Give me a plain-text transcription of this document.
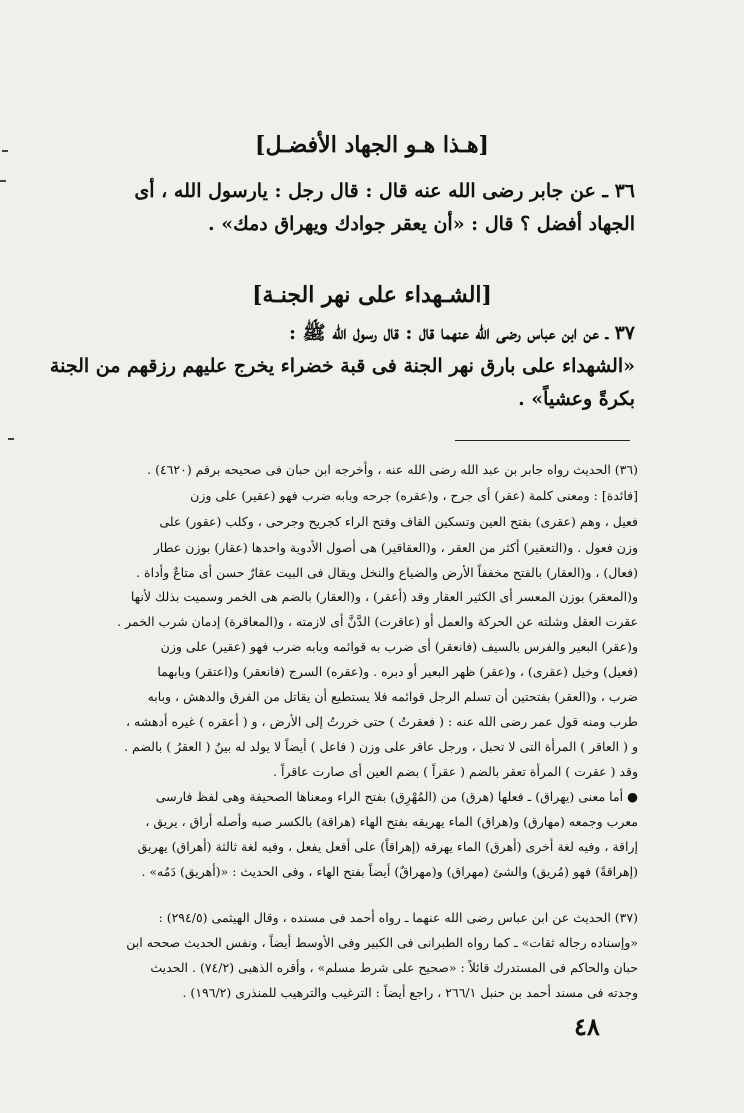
[هـذا هـو الجهاد الأفضـل]
٣٦ ـ عن جابر رضى الله عنه قال : قال رجل : يارسول الله ، أى
الجهاد أفضل ؟ قال : «أن يعقر جوادك ويهراق دمك» .
[الشـهداء على نهر الجنـة]
٣٧ ـ عن ابن عباس رضى الله عنهما قال : قال رسول الله ﷺ :
«الشهداء على بارق نهر الجنة فى قبة خضراء يخرج عليهم رزقهم من الجنة
بكرةً وعشياً» .
(٣٦) الحديث رواه جابر بن عبد الله رضى الله عنه ، وأخرجه ابن حبان فى صحيحه برقم (٤٦٢٠) .
[فائدة] : ومعنى كلمة (عقر) أى جرح ، و(عقره) جرحه وبابه ضرب فهو (عقير) على وزن
فعيل ، وهم (عقرى) بفتح العين وتسكين القاف وفتح الراء كجريح وجرحى ، وكلب (عقور) على
وزن فعول . و(التعقير) أكثر من العقر ، و(العقاقير) هى أصول الأدوية واحدها (عقار) بوزن عطار
(فعال) ، و(العقار) بالفتح مخففاً الأرض والضياع والنخل ويقال فى البيت عقارٌ حسن أى متاعٌ وأداة .
و(المعقر) بوزن المعسر أى الكثير العقار وقد (أعقر) ، و(العقار) بالضم هى الخمر وسميت بذلك لأنها
عقرت العقل وشلته عن الحركة والعمل أو (عاقرت) الدَّنَّ أى لازمته ، و(المعاقرة) إدمان شرب الخمر .
و(عقر) البعير والفرس بالسيف (فانعقر) أى ضرب به قوائمه وبابه ضرب فهو (عقير) على وزن
(فعيل) وخيل (عقرى) ، و(عقر) ظهر البعير أو دبره . و(عقره) السرج (فانعقر) و(اعتقر) وبابهما
ضرب ، و(العقر) بفتحتين أن تسلم الرجل قوائمه فلا يستطيع أن يقاتل من الفرق والدهش ، وبابه
طرب ومنه قول عمر رضى الله عنه : ( فعقرتُ ) حتى خررتُ إلى الأرض ، و ( أعقره ) غيره أدهشه ،
و ( العاقر ) المرأة التى لا تحبل ، ورجل عاقر على وزن ( فاعل ) أيضاً لا يولد له بينُ ( العقرُ ) بالضم .
وقد ( عقرت ) المرأة تعقر بالضم ( عقراً ) بضم العين أى صارت عاقراً .
● أما معنى (يهراق) ـ فعلها (هرق) من (المُهْرِق) بفتح الراء ومعناها الصحيفة وهى لفظ فارسى
معرب وجمعه (مهارق) و(هراق) الماء يهريقه بفتح الهاء (هراقة) بالكسر صبه وأصله أراق ، يريق ،
إراقة ، وفيه لغة أخرى (أهرق) الماء يهرقه (إهراقاً) على أفعل يفعل ، وفيه لغة ثالثة (أهراق) يهريق
(إهراقةً) فهو (مُريق) والشئ (مهراق) و(مهراقٌ) أيضاً بفتح الهاء ، وفى الحديث : «(أهريق) دَمُه» .
(٣٧) الحديث عن ابن عباس رضى الله عنهما ـ رواه أحمد فى مسنده ، وقال الهيثمى (٢٩٤/٥) :
«وإسناده رجاله ثقات» ـ كما رواه الطبرانى فى الكبير وفى الأوسط أيضاً ، ونفس الحديث صححه ابن
حبان والحاكم فى المستدرك قائلاً : «صحيح على شرط مسلم» ، وأقره الذهبى (٧٤/٢) . الحديث
وجدته فى مسند أحمد بن حنبل ٢٦٦/١ ، راجع أيضاً : الترغيب والترهيب للمنذرى (١٩٦/٢) .
٤٨
